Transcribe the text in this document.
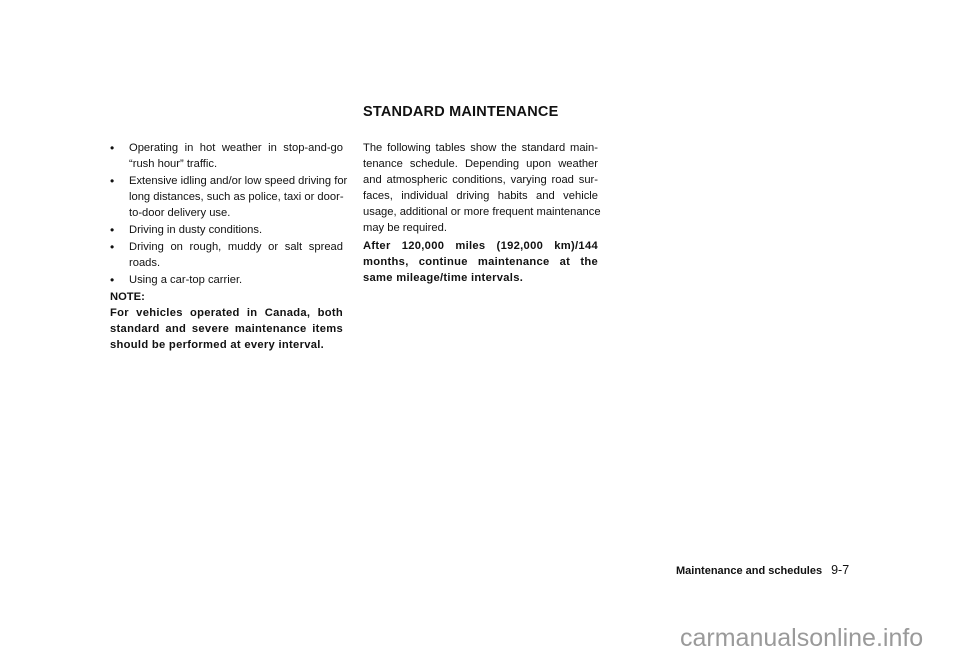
STANDARD MAINTENANCE
• Operating in hot weather in stop-and-go
“rush hour” traffic.
• Extensive idling and/or low speed driving for
long distances, such as police, taxi or door-
to-door delivery use.
• Driving in dusty conditions.
• Driving on rough, muddy or salt spread
roads.
• Using a car-top carrier.
NOTE:
For vehicles operated in Canada, both
standard and severe maintenance items
should be performed at every interval.
The following tables show the standard main-
tenance schedule. Depending upon weather
and atmospheric conditions, varying road sur-
faces, individual driving habits and vehicle
usage, additional or more frequent maintenance
may be required.
After 120,000 miles (192,000 km)/144
months, continue maintenance at the
same mileage/time intervals.
Maintenance and schedules 9-7
carmanualsonline.info
